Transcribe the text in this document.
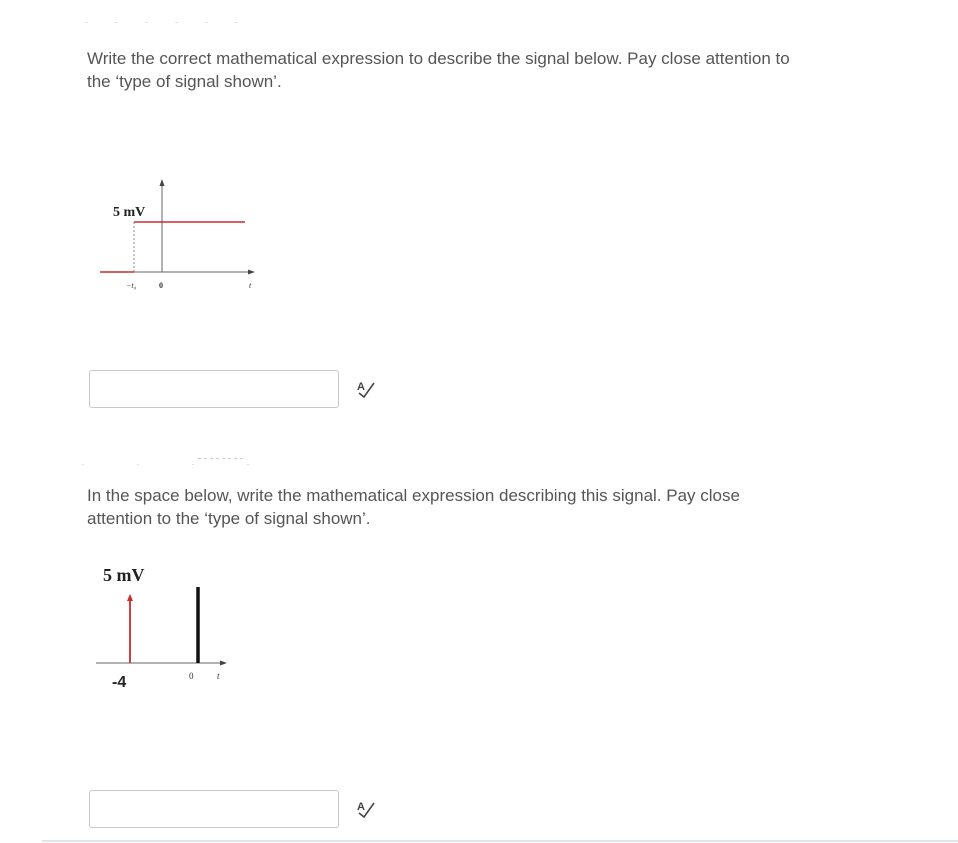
Write the correct mathematical expression to describe the signal below. Pay close attention to the ‘type of signal shown’.
5 mV
−t₀	0	t
A
In the space below, write the mathematical expression describing this signal. Pay close attention to the ‘type of signal shown’.
5 mV
-4	0	t
A
